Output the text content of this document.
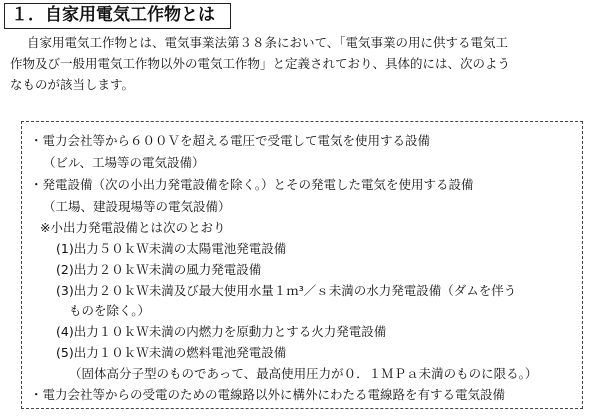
１．自家用電気工作物とは
自家用電気工作物とは、電気事業法第３８条において、「電気事業の用に供する電気工
作物及び一般用電気工作物以外の電気工作物」と定義されており、具体的には、次のよう
なものが該当します。
・電力会社等から６００Ｖを超える電圧で受電して電気を使用する設備
（ビル、工場等の電気設備）
・発電設備（次の小出力発電設備を除く。）とその発電した電気を使用する設備
（工場、建設現場等の電気設備）
※小出力発電設備とは次のとおり
(1)出力５０ｋＷ未満の太陽電池発電設備
(2)出力２０ｋＷ未満の風力発電設備
(3)出力２０ｋＷ未満及び最大使用水量１ｍ³／ｓ未満の水力発電設備（ダムを伴う
ものを除く。）
(4)出力１０ｋＷ未満の内燃力を原動力とする火力発電設備
(5)出力１０ｋＷ未満の燃料電池発電設備
（固体高分子型のものであって、最高使用圧力が０．１ＭＰａ未満のものに限る。）
・電力会社等からの受電のための電線路以外に構外にわたる電線路を有する電気設備
